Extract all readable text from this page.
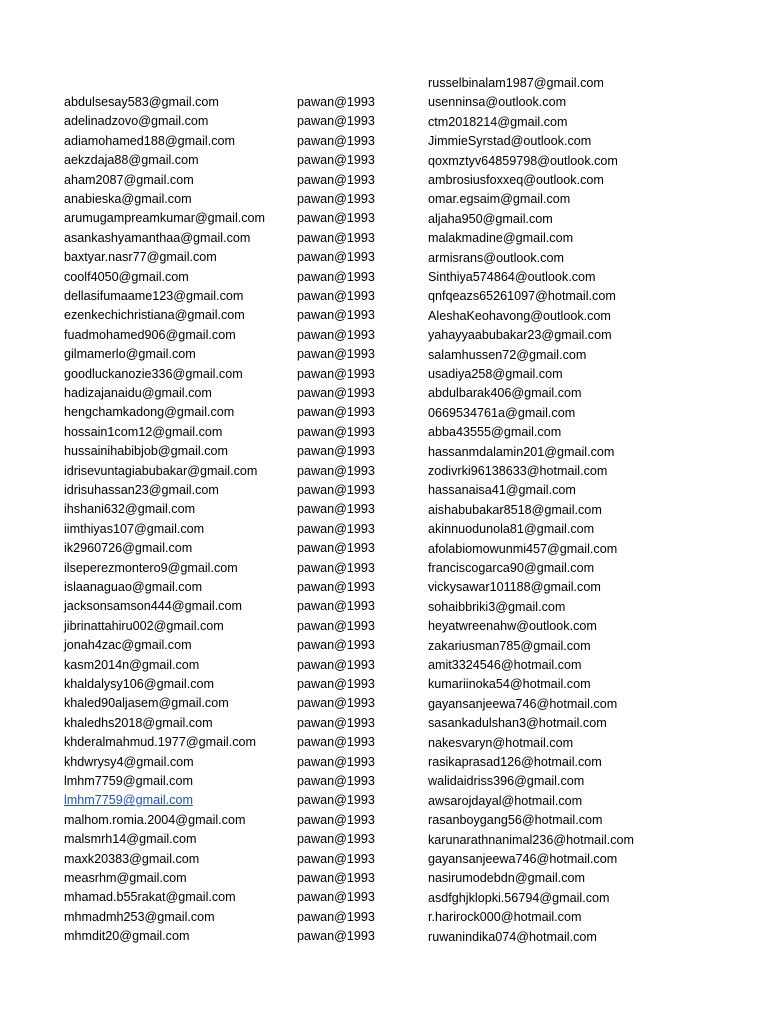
abdulsesay583@gmail.com
adelinadzovo@gmail.com
adiamohamed188@gmail.com
aekzdaja88@gmail.com
aham2087@gmail.com
anabieska@gmail.com
arumugampreamkumar@gmail.com
asankashyamanthaa@gmail.com
baxtyar.nasr77@gmail.com
coolf4050@gmail.com
dellasifumaame123@gmail.com
ezenkechichristiana@gmail.com
fuadmohamed906@gmail.com
gilmamerlo@gmail.com
goodluckanozie336@gmail.com
hadizajanaidu@gmail.com
hengchamkadong@gmail.com
hossain1com12@gmail.com
hussainihabibjob@gmail.com
idrisevuntagiabubakar@gmail.com
idrisuhassan23@gmail.com
ihshani632@gmail.com
iimthiyas107@gmail.com
ik2960726@gmail.com
ilseperezmontero9@gmail.com
islaanaguao@gmail.com
jacksonsamson444@gmail.com
jibrinattahiru002@gmail.com
jonah4zac@gmail.com
kasm2014n@gmail.com
khaldalysy106@gmail.com
khaled90aljasem@gmail.com
khaledhs2018@gmail.com
khderalmahmud.1977@gmail.com
khdwrysy4@gmail.com
lmhm7759@gmail.com
lmhm7759@gmail.com
malhom.romia.2004@gmail.com
malsmrh14@gmail.com
maxk20383@gmail.com
measrhm@gmail.com
mhamad.b55rakat@gmail.com
mhmadmh253@gmail.com
mhmdit20@gmail.com
pawan@1993
pawan@1993
pawan@1993
pawan@1993
pawan@1993
pawan@1993
pawan@1993
pawan@1993
pawan@1993
pawan@1993
pawan@1993
pawan@1993
pawan@1993
pawan@1993
pawan@1993
pawan@1993
pawan@1993
pawan@1993
pawan@1993
pawan@1993
pawan@1993
pawan@1993
pawan@1993
pawan@1993
pawan@1993
pawan@1993
pawan@1993
pawan@1993
pawan@1993
pawan@1993
pawan@1993
pawan@1993
pawan@1993
pawan@1993
pawan@1993
pawan@1993
pawan@1993
pawan@1993
pawan@1993
pawan@1993
pawan@1993
pawan@1993
pawan@1993
pawan@1993
russelbinalam1987@gmail.com
usenninsa@outlook.com
ctm2018214@gmail.com
JimmieSyrstad@outlook.com
qoxmztyv64859798@outlook.com
ambrosiusfoxxeq@outlook.com
omar.egsaim@gmail.com
aljaha950@gmail.com
malakmadine@gmail.com
armisrans@outlook.com
Sinthiya574864@outlook.com
qnfqeazs65261097@hotmail.com
AleshaKeohavong@outlook.com
yahayyaabubakar23@gmail.com
salamhussen72@gmail.com
usadiya258@gmail.com
abdulbarak406@gmail.com
0669534761a@gmail.com
abba43555@gmail.com
hassanmdalamin201@gmail.com
zodivrki96138633@hotmail.com
hassanaisa41@gmail.com
aishabubakar8518@gmail.com
akinnuodunola81@gmail.com
afolabiomowunmi457@gmail.com
franciscogarca90@gmail.com
vickysawar101188@gmail.com
sohaibbriki3@gmail.com
heyatwreenahw@outlook.com
zakariusman785@gmail.com
amit3324546@hotmail.com
kumariinoka54@hotmail.com
gayansanjeewa746@hotmail.com
sasankadulshan3@hotmail.com
nakesvaryn@hotmail.com
rasikaprasad126@hotmail.com
walidaidriss396@gmail.com
awsarojdayal@hotmail.com
rasanboygang56@hotmail.com
karunarathnanimal236@hotmail.com
gayansanjeewa746@hotmail.com
nasirumodebdn@gmail.com
asdfghjklopki.56794@gmail.com
r.harirock000@hotmail.com
ruwanindika074@hotmail.com
